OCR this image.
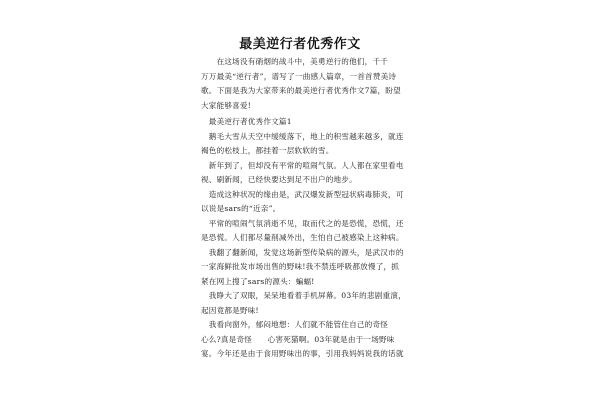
最美逆行者优秀作文
　　在这场没有硝烟的战斗中，美勇逆行的他们，千千
万万最美“逆行者”，谱写了一曲感人篇章，一首首赞美诗
歌。下面是我为大家带来的最美逆行者优秀作文7篇，盼望
大家能够喜爱!
　最美逆行者优秀作文篇1
　鹅毛大雪从天空中缓缓落下，地上的积雪越来越多，就连
褐色的松枝上，都挂着一层软软的雪。
　新年到了，但却没有平常的喧闹气氛。人人都在家里看电
视、刷新闻，已经快要达到足不出户的地步。
　造成这种状况的缘由是，武汉爆发新型冠状病毒肺炎，可
以说是sars的“近亲”。
　平常的喧闹气氛消逝不见，取而代之的是恐慌，恐慌，还
是恐慌。人们都尽量削减外出，生怕自己被感染上这种病。
　我翻了翻新闻，发觉这场新型传染病的源头，是武汉市的
一家海鲜批发市场出售的野味!我不禁连呼吸都放慢了，抓
紧在网上搜了sars的源头：蝙蝠!
　我睁大了双眼，呆呆地看着手机屏幕。03年的悲剧重演，
起因竟都是野味!
　我看向窗外，郁闷地想：人们就不能管住自己的奇怪
心么?真是奇怪　　心害死猫啊。03年就是由于一场野味
宴。今年还是由于食用野味出的事，引用我妈妈说我的话就
